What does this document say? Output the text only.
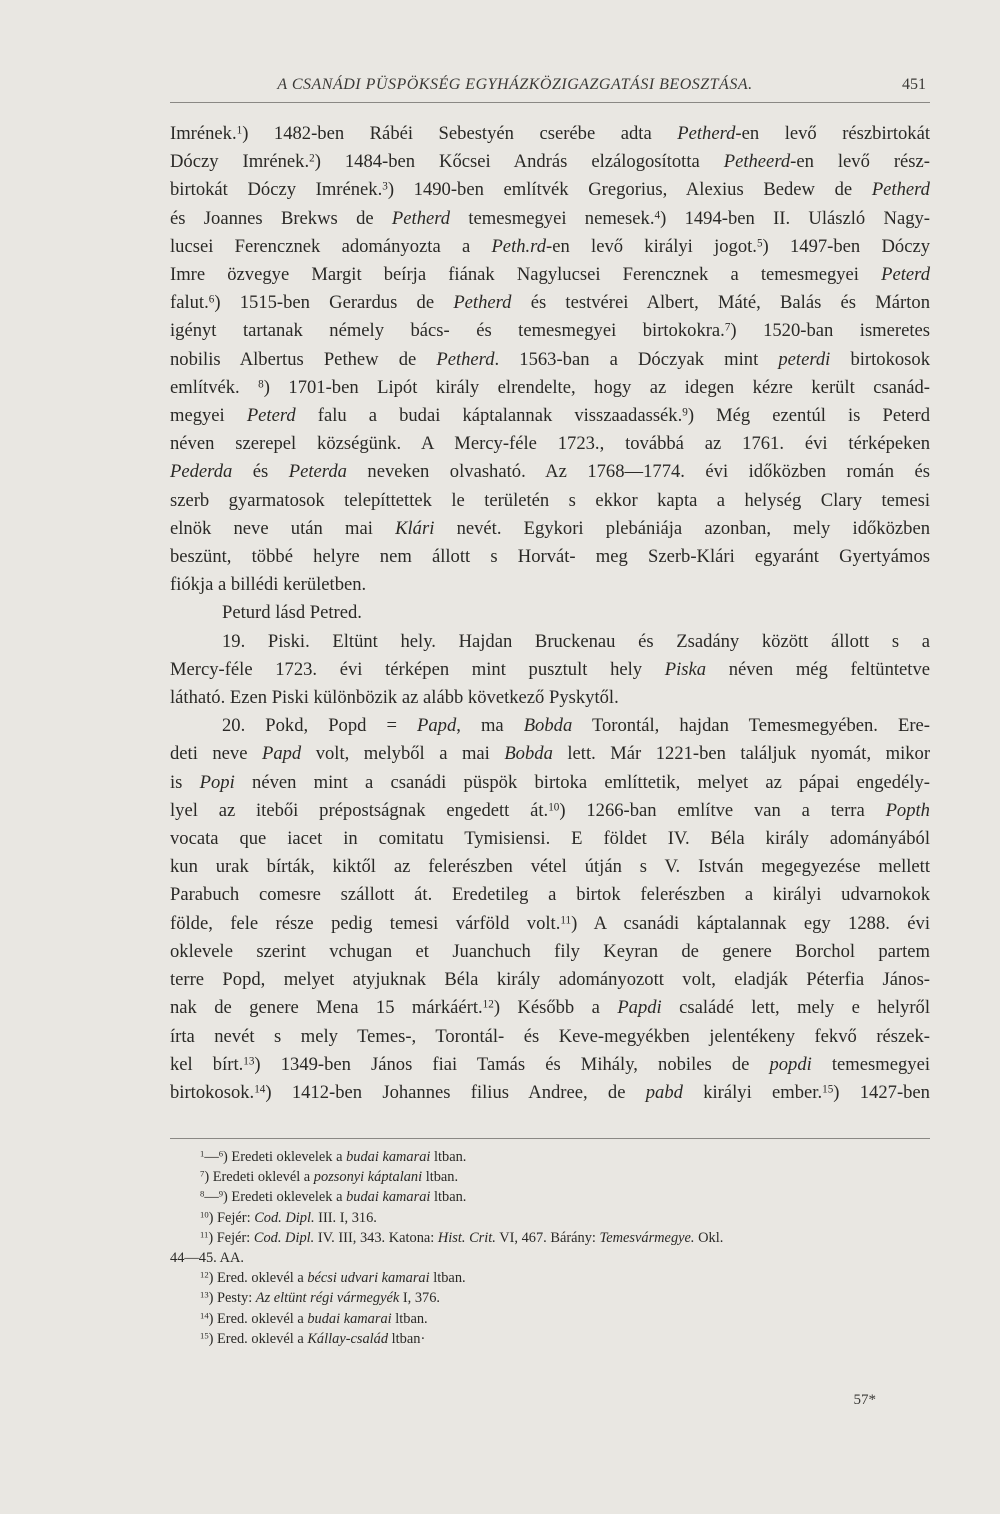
A CSANÁDI PÜSPÖKSÉG EGYHÁZKÖZIGAZGATÁSI BEOSZTÁSA.	451
Imrének.$^1$) 1482-ben Rábéi Sebestyén cserébe adta Petherd-en levő részbirtokát
Dóczy Imrének.$^2$) 1484-ben Kőcsei András elzálogosította Petheerd-en levő rész-
birtokát Dóczy Imrének.$^3$) 1490-ben említvék Gregorius, Alexius Bedew de Petherd
és Joannes Brekws de Petherd temesmegyei nemesek.$^4$) 1494-ben II. Ulászló Nagy-
lucsei Ferencznek adományozta a Peth.rd-en levő királyi jogot.$^5$) 1497-ben Dóczy
Imre özvegye Margit beírja fiának Nagylucsei Ferencznek a temesmegyei Peterd
falut.$^6$) 1515-ben Gerardus de Petherd és testvérei Albert, Máté, Balás és Márton
igényt tartanak némely bács- és temesmegyei birtokokra.$^7$) 1520-ban ismeretes
nobilis Albertus Pethew de Petherd. 1563-ban a Dóczyak mint peterdi birtokosok
említvék. $^8$) 1701-ben Lipót király elrendelte, hogy az idegen kézre került csanád-
megyei Peterd falu a budai káptalannak visszaadassék.$^9$) Még ezentúl is Peterd
néven szerepel községünk. A Mercy-féle 1723., továbbá az 1761. évi térképeken
Pederda és Peterda neveken olvasható. Az 1768—1774. évi időközben román és
szerb gyarmatosok telepíttettek le területén s ekkor kapta a helység Clary temesi
elnök neve után mai Klári nevét. Egykori plebániája azonban, mely időközben
beszünt, többé helyre nem állott s Horvát- meg Szerb-Klári egyaránt Gyertyámos
fiókja a billédi kerületben.
Peturd lásd Petred.
19. Piski. Eltünt hely. Hajdan Bruckenau és Zsadány között állott s a
Mercy-féle 1723. évi térképen mint pusztult hely Piska néven még feltüntetve
látható. Ezen Piski különbözik az alább következő Pyskytől.
20. Pokd, Popd = Papd, ma Bobda Torontál, hajdan Temesmegyében. Ere-
deti neve Papd volt, melyből a mai Bobda lett. Már 1221-ben találjuk nyomát, mikor
is Popi néven mint a csanádi püspök birtoka említtetik, melyet az pápai engedély-
lyel az itebői prépostságnak engedett át.$^{10}$) 1266-ban említve van a terra Popth
vocata que iacet in comitatu Tymisiensi. E földet IV. Béla király adományából
kun urak bírták, kiktől az felerészben vétel útján s V. István megegyezése mellett
Parabuch comesre szállott át. Eredetileg a birtok felerészben a királyi udvarnokok
földe, fele része pedig temesi várföld volt.$^{11}$) A csanádi káptalannak egy 1288. évi
oklevele szerint vchugan et Juanchuch fily Keyran de genere Borchol partem
terre Popd, melyet atyjuknak Béla király adományozott volt, eladják Péterfia János-
nak de genere Mena 15 márkáért.$^{12}$) Később a Papdi családé lett, mely e helyről
írta nevét s mely Temes-, Torontál- és Keve-megyékben jelentékeny fekvő részek-
kel bírt.$^{13}$) 1349-ben János fiai Tamás és Mihály, nobiles de popdi temesmegyei
birtokosok.$^{14}$) 1412-ben Johannes filius Andree, de pabd királyi ember.$^{15}$) 1427-ben
$^1$—$^6$) Eredeti oklevelek a budai kamarai ltban.
$^7$) Eredeti oklevél a pozsonyi káptalani ltban.
$^8$—$^9$) Eredeti oklevelek a budai kamarai ltban.
$^{10}$) Fejér: Cod. Dipl. III. I, 316.
$^{11}$) Fejér: Cod. Dipl. IV. III, 343. Katona: Hist. Crit. VI, 467. Bárány: Temesvármegye. Okl.
44—45. AA.
$^{12}$) Ered. oklevél a bécsi udvari kamarai ltban.
$^{13}$) Pesty: Az eltünt régi vármegyék I, 376.
$^{14}$) Ered. oklevél a budai kamarai ltban.
$^{15}$) Ered. oklevél a Kállay-család ltban·
57*
